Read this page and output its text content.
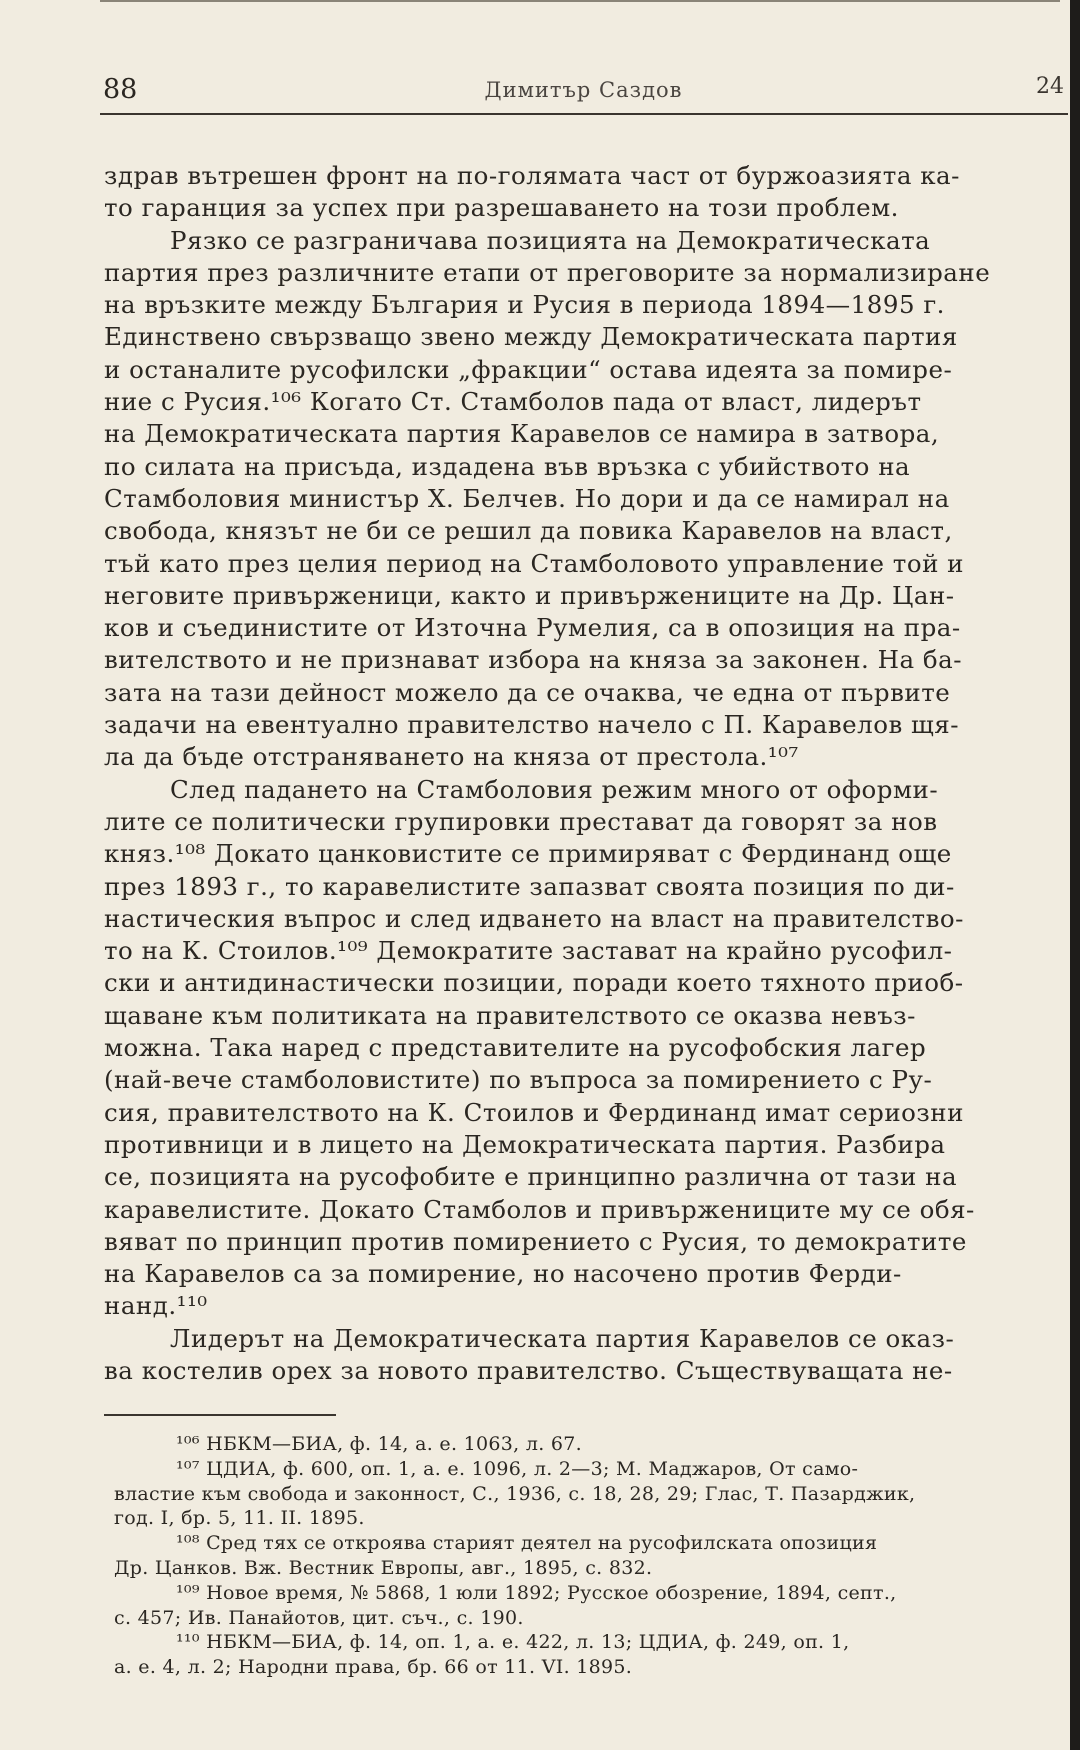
88	Димитър Саздов	24
здрав вътрешен фронт на по-голямата част от буржоазията ка-
то гаранция за успех при разрешаването на този проблем.
Рязко се разграничава позицията на Демократическата
партия през различните етапи от преговорите за нормализиране
на връзките между България и Русия в периода 1894—1895 г.
Единствено свързващо звено между Демократическата партия
и останалите русофилски „фракции“ остава идеята за помире-
ние с Русия.¹⁰⁶ Когато Ст. Стамболов пада от власт, лидерът
на Демократическата партия Каравелов се намира в затвора,
по силата на присъда, издадена във връзка с убийството на
Стамболовия министър Х. Белчев. Но дори и да се намирал на
свобода, князът не би се решил да повика Каравелов на власт,
тъй като през целия период на Стамболовото управление той и
неговите привърженици, както и привържениците на Др. Цан-
ков и съединистите от Източна Румелия, са в опозиция на пра-
вителството и не признават избора на княза за законен. На ба-
зата на тази дейност можело да се очаква, че една от първите
задачи на евентуално правителство начело с П. Каравелов щя-
ла да бъде отстраняването на княза от престола.¹⁰⁷
След падането на Стамболовия режим много от оформи-
лите се политически групировки престават да говорят за нов
княз.¹⁰⁸ Докато цанковистите се примиряват с Фердинанд още
през 1893 г., то каравелистите запазват своята позиция по ди-
настическия въпрос и след идването на власт на правителство-
то на К. Стоилов.¹⁰⁹ Демократите застават на крайно русофил-
ски и антидинастически позиции, поради което тяхното приоб-
щаване към политиката на правителството се оказва невъз-
можна. Така наред с представителите на русофобския лагер
(най-вече стамболовистите) по въпроса за помирението с Ру-
сия, правителството на К. Стоилов и Фердинанд имат сериозни
противници и в лицето на Демократическата партия. Разбира
се, позицията на русофобите е принципно различна от тази на
каравелистите. Докато Стамболов и привържениците му се обя-
вяват по принцип против помирението с Русия, то демократите
на Каравелов са за помирение, но насочено против Ферди-
нанд.¹¹⁰
Лидерът на Демократическата партия Каравелов се оказ-
ва костелив орех за новото правителство. Съществуващата не-
¹⁰⁶ НБКМ—БИА, ф. 14, а. е. 1063, л. 67.
¹⁰⁷ ЦДИА, ф. 600, оп. 1, а. е. 1096, л. 2—3; М. Маджаров, От само-
властие към свобода и законност, С., 1936, с. 18, 28, 29; Глас, Т. Пазарджик,
год. I, бр. 5, 11. II. 1895.
¹⁰⁸ Сред тях се откроява старият деятел на русофилската опозиция
Др. Цанков. Вж. Вестник Европы, авг., 1895, с. 832.
¹⁰⁹ Новое время, № 5868, 1 юли 1892; Русское обозрение, 1894, септ.,
с. 457; Ив. Панайотов, цит. съч., с. 190.
¹¹⁰ НБКМ—БИА, ф. 14, оп. 1, а. е. 422, л. 13; ЦДИА, ф. 249, оп. 1,
а. е. 4, л. 2; Народни права, бр. 66 от 11. VI. 1895.
